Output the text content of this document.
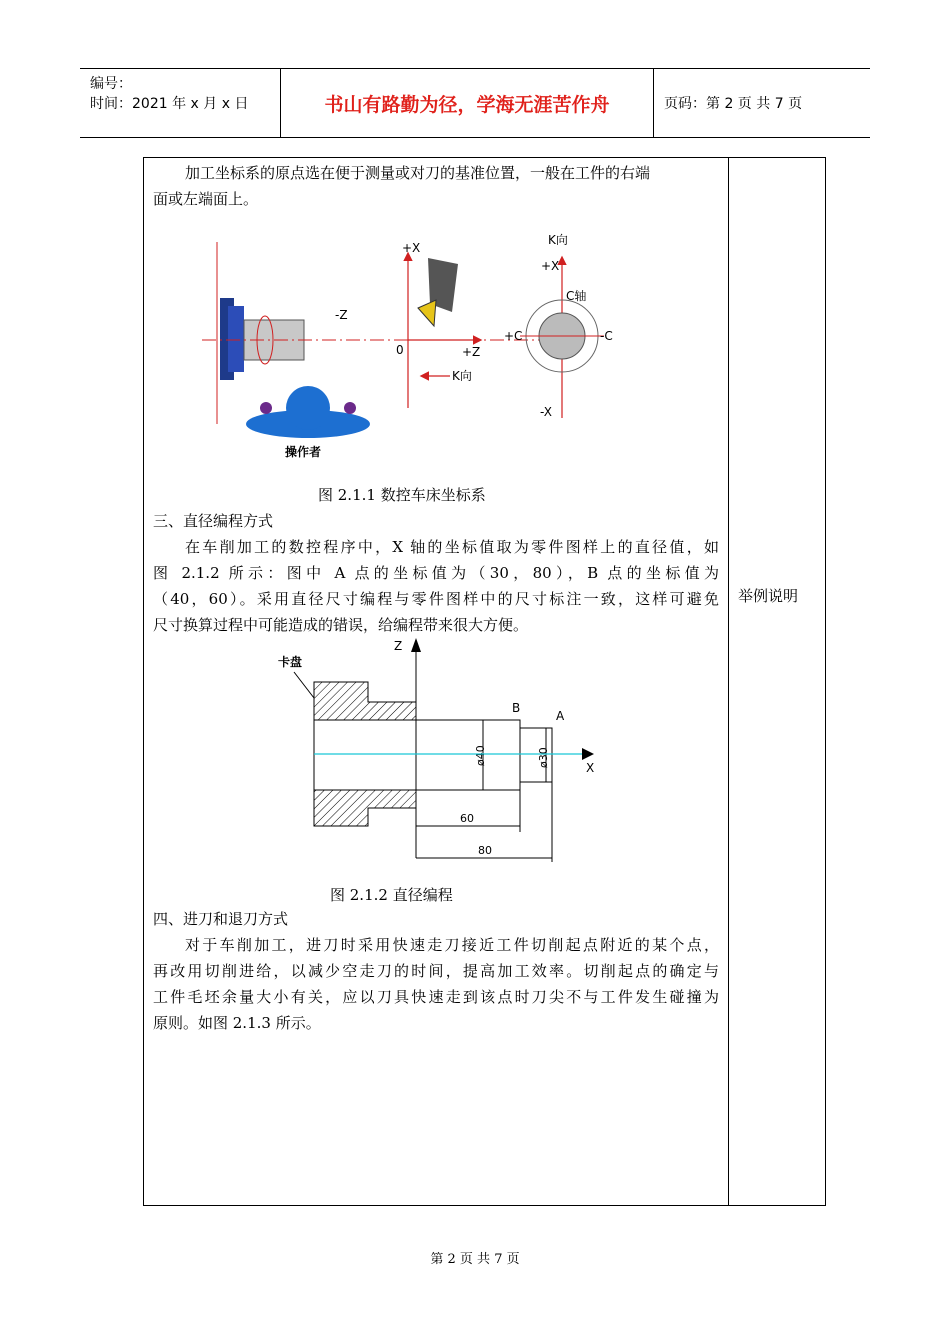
编号：
时间：2021 年 x 月 x 日	书山有路勤为径，学海无涯苦作舟	页码：第 2 页 共 7 页
举例说明

加工坐标系的原点选在便于测量或对刀的基准位置，一般在工件的右端

面或左端面上。

-Z
+X
0	+Z
K向
操作者
K向
+X
C轴
+C	-C
-X
图 2.1.1 数控车床坐标系

三、直径编程方式

在车削加工的数控程序中，X 轴的坐标值取为零件图样上的直径值，如

图 2.1.2 所示：图中 A 点的坐标值为（30，80），B 点的坐标值为

（40，60）。采用直径尺寸编程与零件图样中的尺寸标注一致，这样可避免

尺寸换算过程中可能造成的错误，给编程带来很大方便。

Z
卡盘
B
A
ø40	ø30	X
60
80
图 2.1.2 直径编程

四、进刀和退刀方式

对于车削加工，进刀时采用快速走刀接近工件切削起点附近的某个点，

再改用切削进给，以减少空走刀的时间，提高加工效率。切削起点的确定与

工件毛坯余量大小有关，应以刀具快速走到该点时刀尖不与工件发生碰撞为

原则。如图 2.1.3 所示。

第 2 页 共 7 页
